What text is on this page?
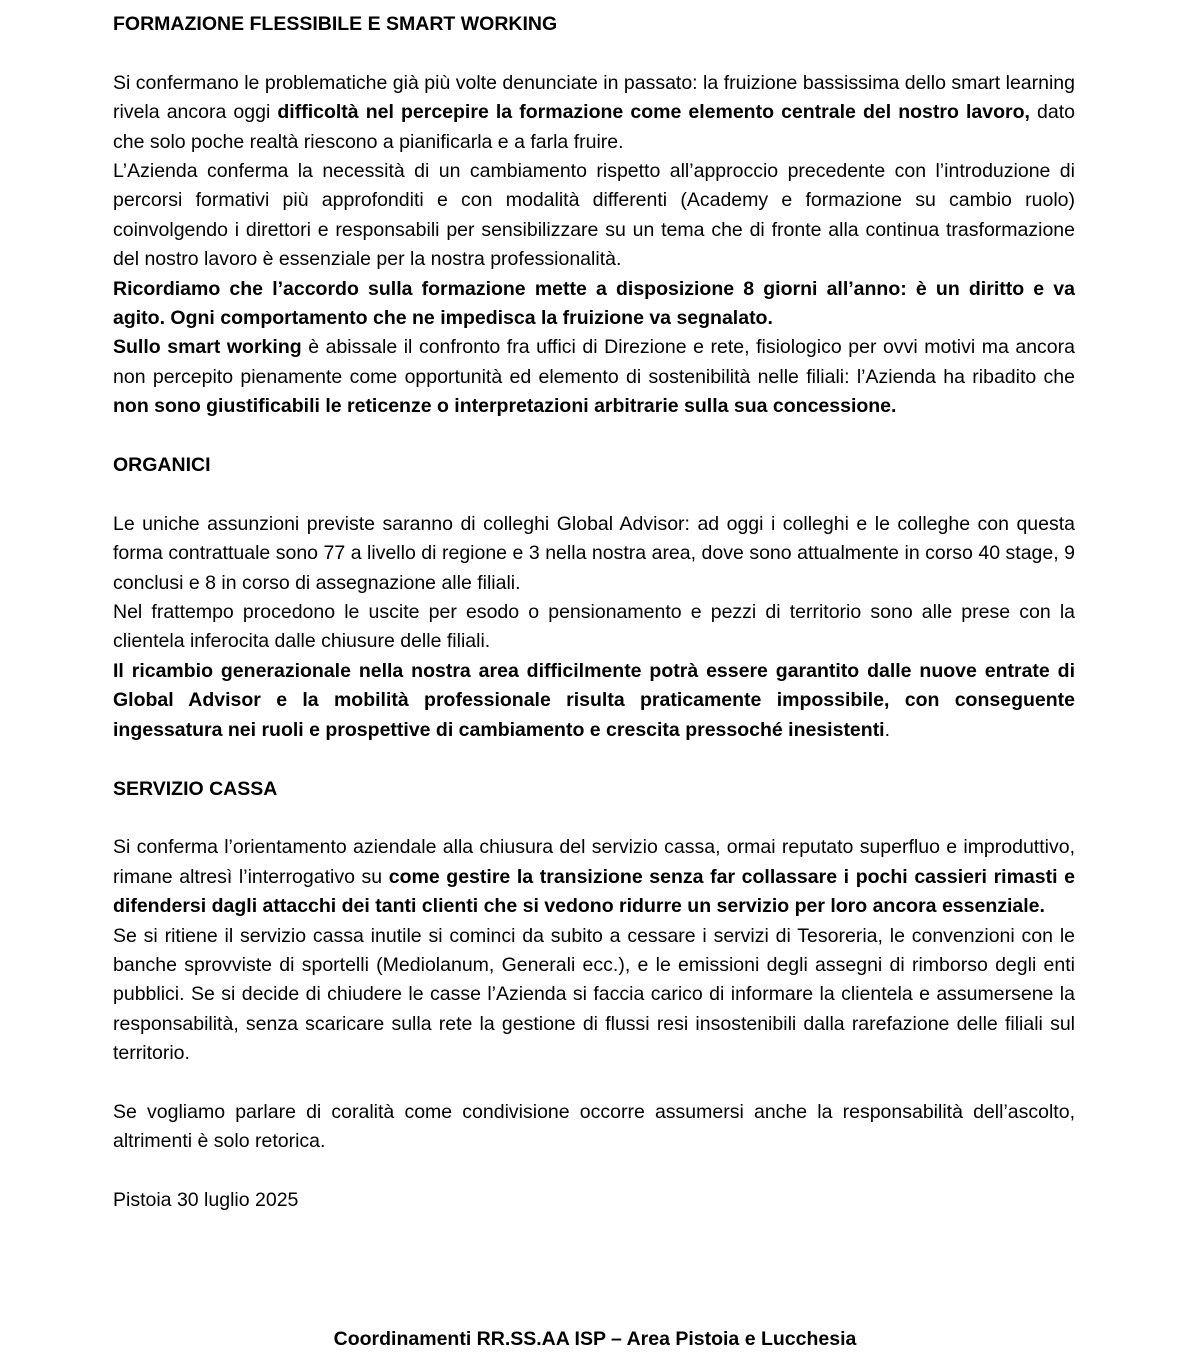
FORMAZIONE FLESSIBILE E SMART WORKING

Si confermano le problematiche già più volte denunciate in passato: la fruizione bassissima dello smart learning rivela ancora oggi difficoltà nel percepire la formazione come elemento centrale del nostro lavoro, dato che solo poche realtà riescono a pianificarla e a farla fruire.

L’Azienda conferma la necessità di un cambiamento rispetto all’approccio precedente con l’introduzione di percorsi formativi più approfonditi e con modalità differenti (Academy e formazione su cambio ruolo) coinvolgendo i direttori e responsabili per sensibilizzare su un tema che di fronte alla continua trasformazione del nostro lavoro è essenziale per la nostra professionalità.

Ricordiamo che l’accordo sulla formazione mette a disposizione 8 giorni all’anno: è un diritto e va agito. Ogni comportamento che ne impedisca la fruizione va segnalato.

Sullo smart working è abissale il confronto fra uffici di Direzione e rete, fisiologico per ovvi motivi ma ancora non percepito pienamente come opportunità ed elemento di sostenibilità nelle filiali: l’Azienda ha ribadito che non sono giustificabili le reticenze o interpretazioni arbitrarie sulla sua concessione.

ORGANICI

Le uniche assunzioni previste saranno di colleghi Global Advisor: ad oggi i colleghi e le colleghe con questa forma contrattuale sono 77 a livello di regione e 3 nella nostra area, dove sono attualmente in corso 40 stage, 9 conclusi e 8 in corso di assegnazione alle filiali.

Nel frattempo procedono le uscite per esodo o pensionamento e pezzi di territorio sono alle prese con la clientela inferocita dalle chiusure delle filiali.

Il ricambio generazionale nella nostra area difficilmente potrà essere garantito dalle nuove entrate di Global Advisor e la mobilità professionale risulta praticamente impossibile, con conseguente ingessatura nei ruoli e prospettive di cambiamento e crescita pressoché inesistenti.

SERVIZIO CASSA

Si conferma l’orientamento aziendale alla chiusura del servizio cassa, ormai reputato superfluo e improduttivo, rimane altresì l’interrogativo su come gestire la transizione senza far collassare i pochi cassieri rimasti e difendersi dagli attacchi dei tanti clienti che si vedono ridurre un servizio per loro ancora essenziale.

Se si ritiene il servizio cassa inutile si cominci da subito a cessare i servizi di Tesoreria, le convenzioni con le banche sprovviste di sportelli (Mediolanum, Generali ecc.), e le emissioni degli assegni di rimborso degli enti pubblici. Se si decide di chiudere le casse l’Azienda si faccia carico di informare la clientela e assumersene la responsabilità, senza scaricare sulla rete la gestione di flussi resi insostenibili dalla rarefazione delle filiali sul territorio.

Se vogliamo parlare di coralità come condivisione occorre assumersi anche la responsabilità dell’ascolto, altrimenti è solo retorica.

Pistoia 30 luglio 2025

Coordinamenti RR.SS.AA ISP – Area Pistoia e Lucchesia
